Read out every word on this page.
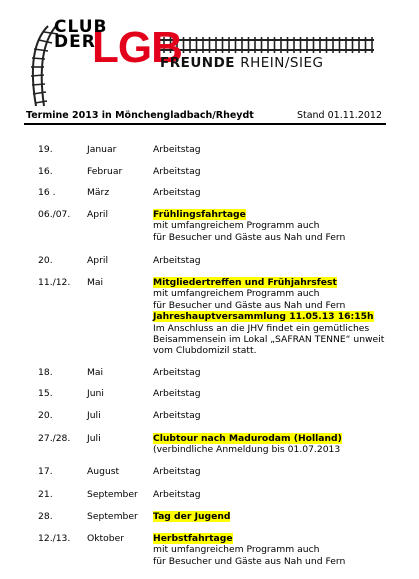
CLUB
DER
LGB
FREUNDE RHEIN/SIEG
Termine 2013 in Mönchengladbach/Rheydt	Stand 01.11.2012
19.	Januar	Arbeitstag
16.	Februar	Arbeitstag
16 .	März	Arbeitstag
06./07. April	Frühlingsfahrtage
mit umfangreichem Programm auch
für Besucher und Gäste aus Nah und Fern
20.	April	Arbeitstag
11./12. Mai	Mitgliedertreffen und Frühjahrsfest
mit umfangreichem Programm auch
für Besucher und Gäste aus Nah und Fern
Jahreshauptversammlung 11.05.13 16:15h
Im Anschluss an die JHV findet ein gemütliches
Beisammensein im Lokal „SAFRAN TENNE“ unweit
vom Clubdomizil statt.
18.	Mai	Arbeitstag
15.	Juni	Arbeitstag
20.	Juli	Arbeitstag
27./28. Juli	Clubtour nach Madurodam (Holland)
(verbindliche Anmeldung bis 01.07.2013
17.	August	Arbeitstag
21.	September Arbeitstag
28.	September Tag der Jugend
12./13. Oktober	Herbstfahrtage
mit umfangreichem Programm auch
für Besucher und Gäste aus Nah und Fern
